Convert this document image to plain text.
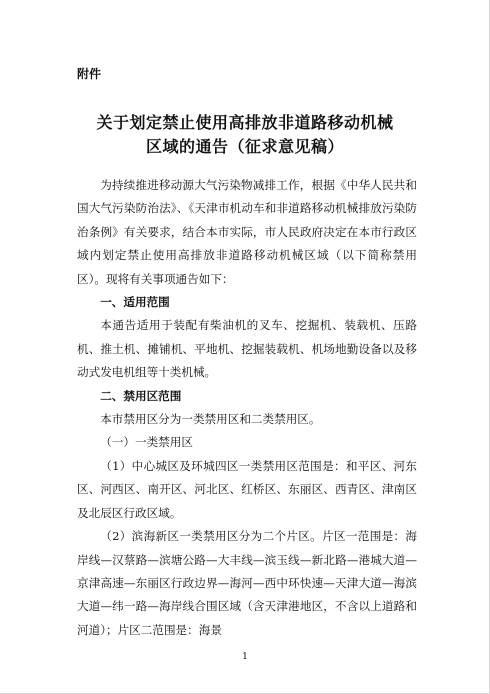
附件
关于划定禁止使用高排放非道路移动机械
区域的通告（征求意见稿）

为持续推进移动源大气污染物减排工作，根据《中华人民共和国大气污染防治法》、《天津市机动车和非道路移动机械排放污染防治条例》有关要求，结合本市实际，市人民政府决定在本市行政区域内划定禁止使用高排放非道路移动机械区域（以下简称禁用区）。现将有关事项通告如下：

一、适用范围

本通告适用于装配有柴油机的叉车、挖掘机、装载机、压路机、推土机、摊铺机、平地机、挖掘装载机、机场地勤设备以及移动式发电机组等十类机械。

二、禁用区范围

本市禁用区分为一类禁用区和二类禁用区。

（一）一类禁用区

（1）中心城区及环城四区一类禁用区范围是：和平区、河东区、河西区、南开区、河北区、红桥区、东丽区、西青区、津南区及北辰区行政区域。

（2）滨海新区一类禁用区分为二个片区。片区一范围是：海岸线—汉蔡路—滨塘公路—大丰线—滨玉线—新北路—港城大道—京津高速—东丽区行政边界—海河—西中环快速—天津大道—海滨大道—纬一路—海岸线合围区域（含天津港地区，不含以上道路和河道）；片区二范围是：海景

1
